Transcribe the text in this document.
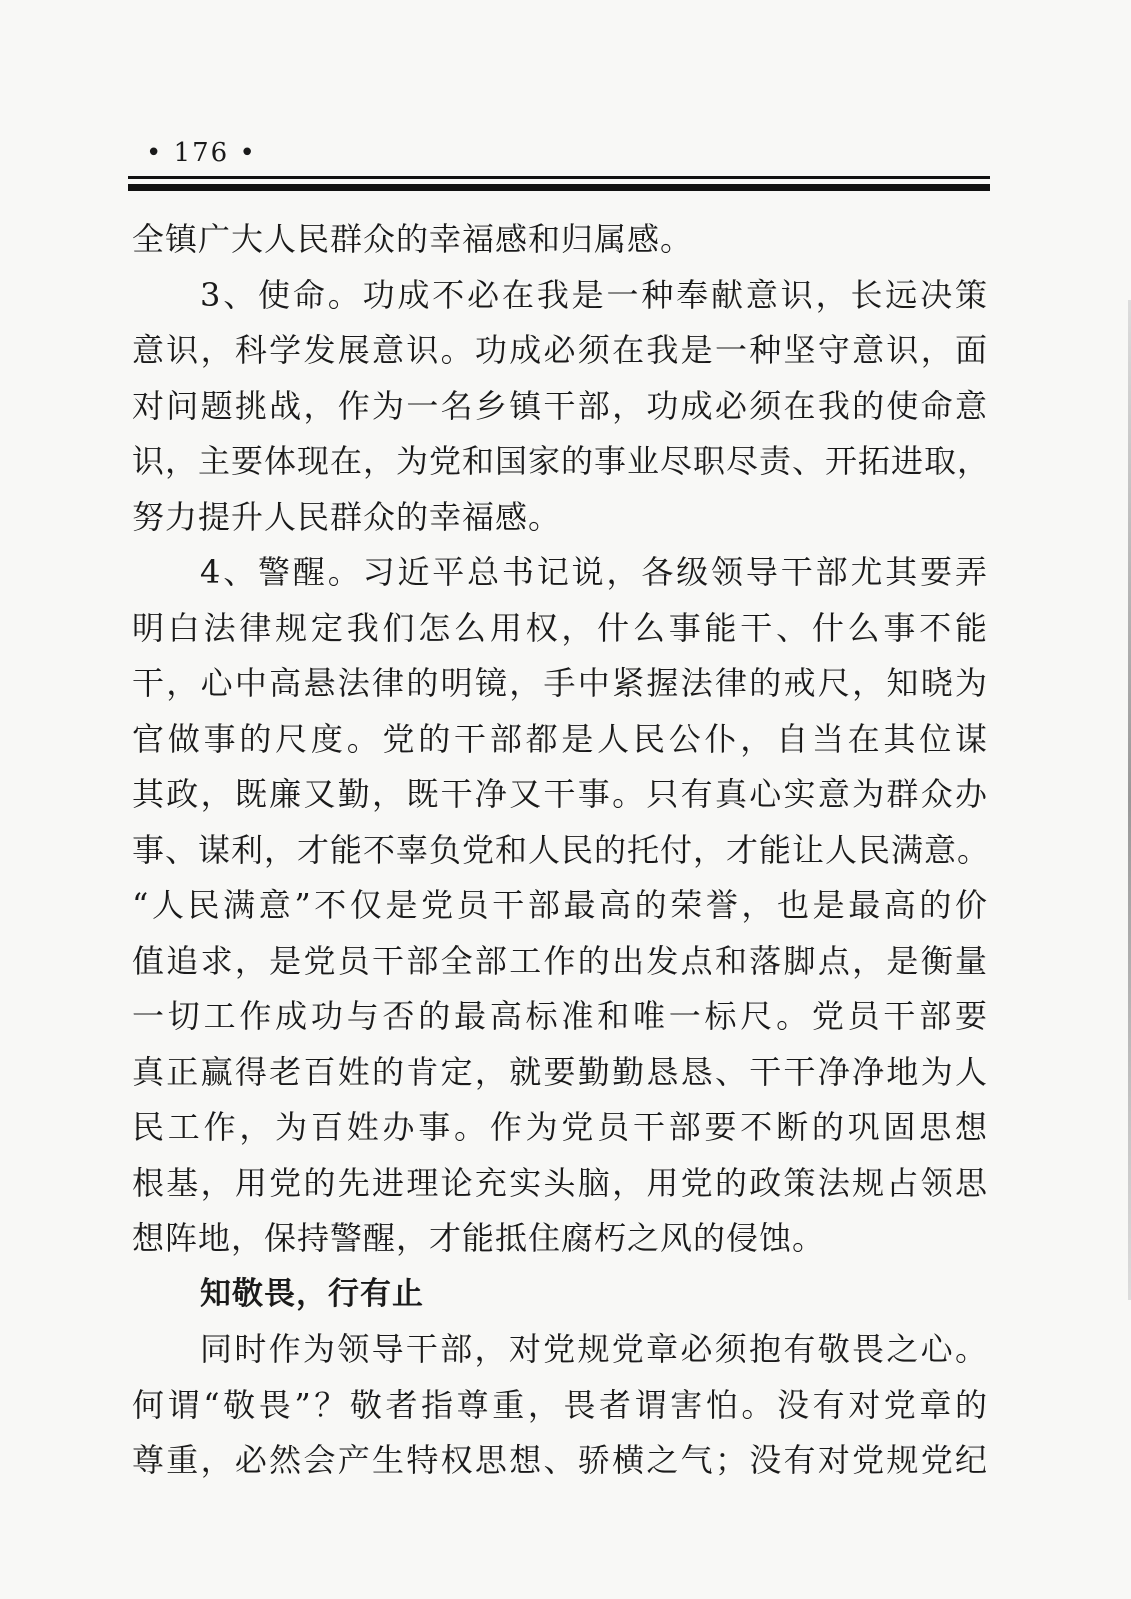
• 176 •
全镇广大人民群众的幸福感和归属感。
3、使命。功成不必在我是一种奉献意识，长远决策
意识，科学发展意识。功成必须在我是一种坚守意识，面
对问题挑战，作为一名乡镇干部，功成必须在我的使命意
识，主要体现在，为党和国家的事业尽职尽责、开拓进取，
努力提升人民群众的幸福感。
4、警醒。习近平总书记说，各级领导干部尤其要弄
明白法律规定我们怎么用权，什么事能干、什么事不能
干，心中高悬法律的明镜，手中紧握法律的戒尺，知晓为
官做事的尺度。党的干部都是人民公仆，自当在其位谋
其政，既廉又勤，既干净又干事。只有真心实意为群众办
事、谋利，才能不辜负党和人民的托付，才能让人民满意。
“人民满意”不仅是党员干部最高的荣誉，也是最高的价
值追求，是党员干部全部工作的出发点和落脚点，是衡量
一切工作成功与否的最高标准和唯一标尺。党员干部要
真正赢得老百姓的肯定，就要勤勤恳恳、干干净净地为人
民工作，为百姓办事。作为党员干部要不断的巩固思想
根基，用党的先进理论充实头脑，用党的政策法规占领思
想阵地，保持警醒，才能抵住腐朽之风的侵蚀。
知敬畏，行有止
同时作为领导干部，对党规党章必须抱有敬畏之心。
何谓“敬畏”？敬者指尊重，畏者谓害怕。没有对党章的
尊重，必然会产生特权思想、骄横之气；没有对党规党纪
